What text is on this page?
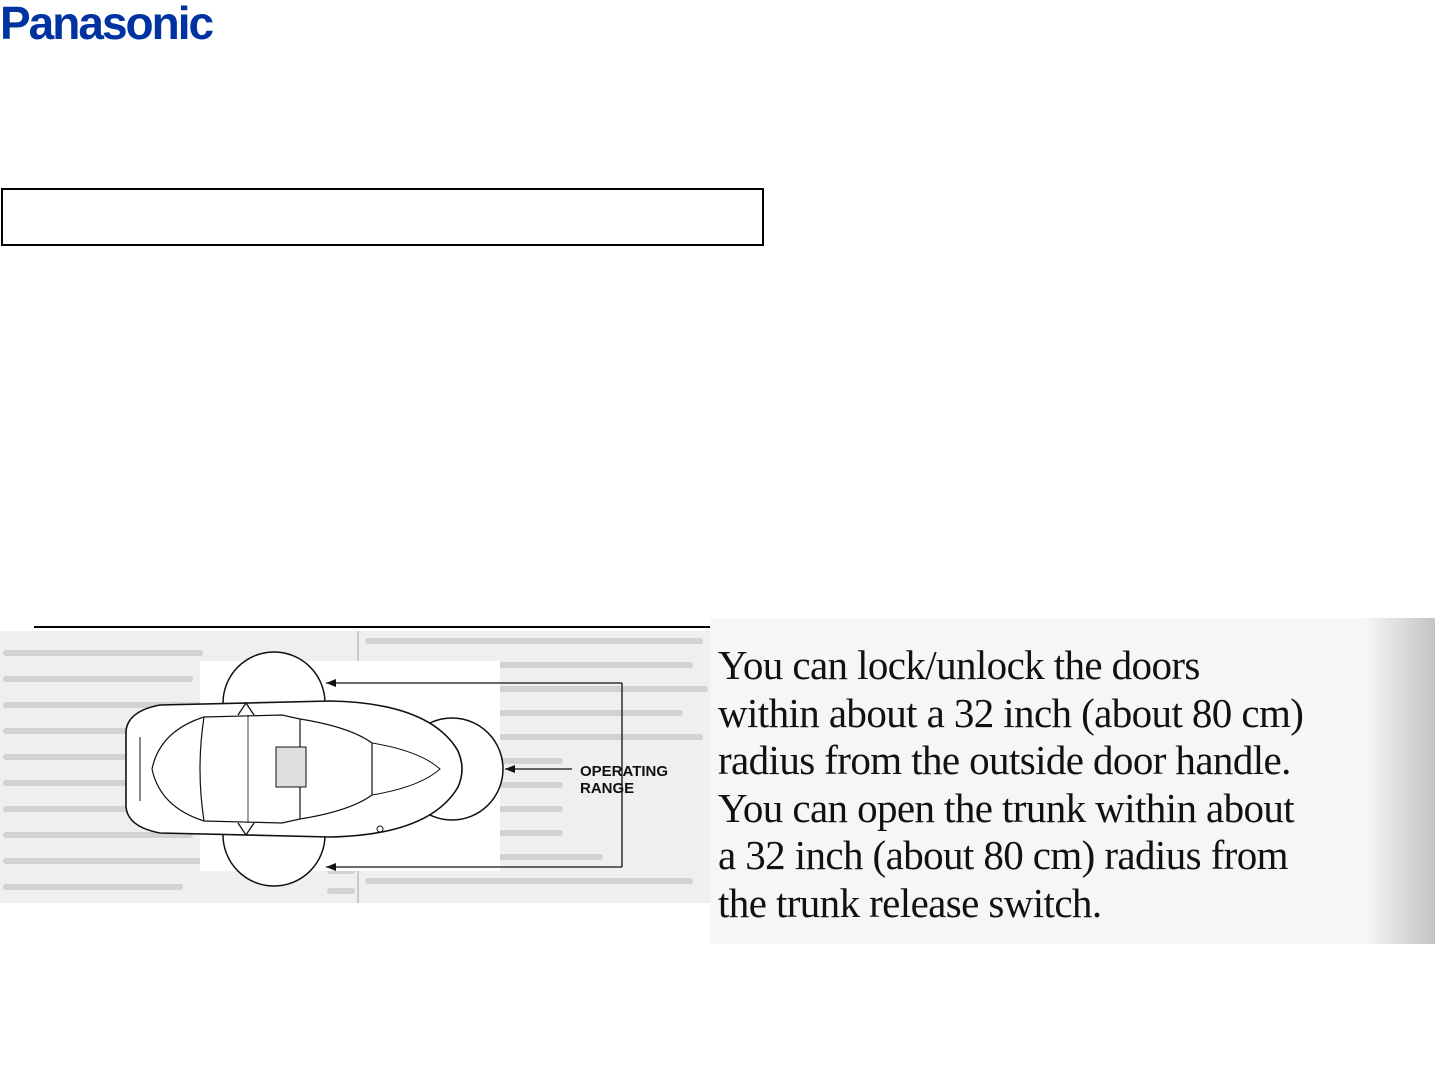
Panasonic
OPERATING
RANGE

You can lock/unlock the doors
within about a 32 inch (about 80 cm)
radius from the outside door handle.
You can open the trunk within about
a 32 inch (about 80 cm) radius from
the trunk release switch.
